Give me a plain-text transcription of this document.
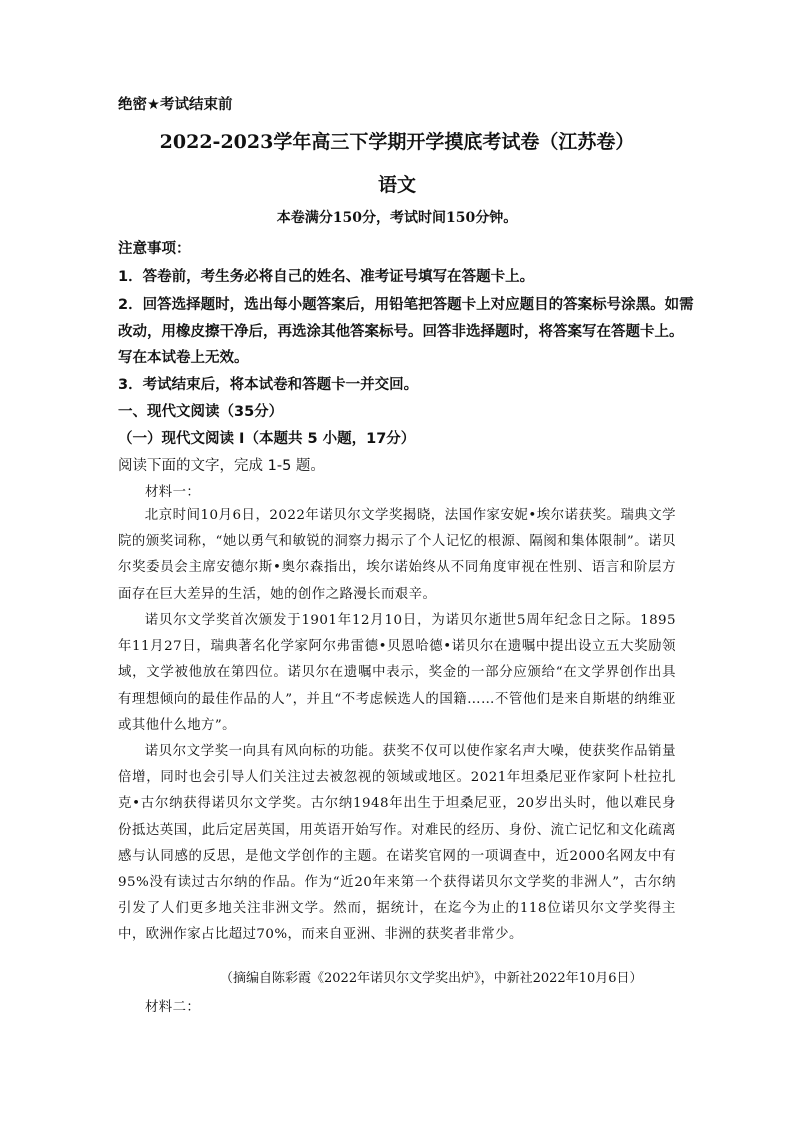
绝密★考试结束前
2022-2023学年高三下学期开学摸底考试卷（江苏卷）
语文
本卷满分150分，考试时间150分钟。
注意事项：
1．答卷前，考生务必将自己的姓名、准考证号填写在答题卡上。
2．回答选择题时，选出每小题答案后，用铅笔把答题卡上对应题目的答案标号涂黑。如需
改动，用橡皮擦干净后，再选涂其他答案标号。回答非选择题时，将答案写在答题卡上。
写在本试卷上无效。
3．考试结束后，将本试卷和答题卡一并交回。
一、现代文阅读（35分）
（一）现代文阅读 I（本题共 5 小题，17分）
阅读下面的文字，完成 1-5 题。
材料一：

北京时间10月6日，2022年诺贝尔文学奖揭晓，法国作家安妮•埃尔诺获奖。瑞典文学院的颁奖词称，“她以勇气和敏锐的洞察力揭示了个人记忆的根源、隔阂和集体限制”。诺贝尔奖委员会主席安德尔斯•奥尔森指出，埃尔诺始终从不同角度审视在性别、语言和阶层方面存在巨大差异的生活，她的创作之路漫长而艰辛。

诺贝尔文学奖首次颁发于1901年12月10日，为诺贝尔逝世5周年纪念日之际。1895年11月27日，瑞典著名化学家阿尔弗雷德•贝恩哈德•诺贝尔在遗嘱中提出设立五大奖励领域，文学被他放在第四位。诺贝尔在遗嘱中表示，奖金的一部分应颁给“在文学界创作出具有理想倾向的最佳作品的人”，并且“不考虑候选人的国籍……不管他们是来自斯堪的纳维亚或其他什么地方”。

诺贝尔文学奖一向具有风向标的功能。获奖不仅可以使作家名声大噪，使获奖作品销量倍增，同时也会引导人们关注过去被忽视的领域或地区。2021年坦桑尼亚作家阿卜杜拉扎克•古尔纳获得诺贝尔文学奖。古尔纳1948年出生于坦桑尼亚，20岁出头时，他以难民身份抵达英国，此后定居英国，用英语开始写作。对难民的经历、身份、流亡记忆和文化疏离感与认同感的反思，是他文学创作的主题。在诺奖官网的一项调查中，近2000名网友中有95%没有读过古尔纳的作品。作为“近20年来第一个获得诺贝尔文学奖的非洲人”，古尔纳引发了人们更多地关注非洲文学。然而，据统计，在迄今为止的118位诺贝尔文学奖得主中，欧洲作家占比超过70%，而来自亚洲、非洲的获奖者非常少。

（摘编自陈彩霞《2022年诺贝尔文学奖出炉》，中新社2022年10月6日）
材料二：
